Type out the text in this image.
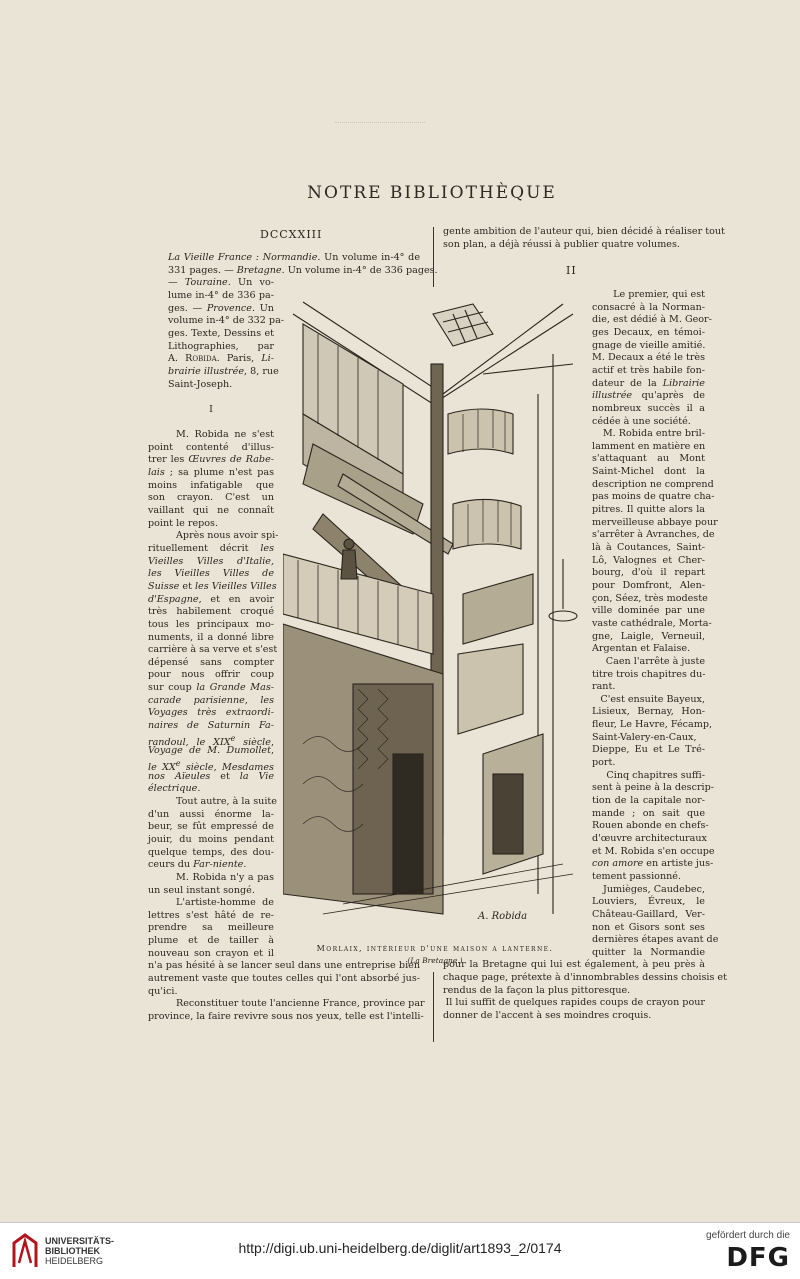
NOTRE BIBLIOTHÈQUE
DCCXXIII
La Vieille France : Normandie. Un volume in-4° de
331 pages. — Bretagne. Un volume in-4° de 336 pages.
— Touraine. Un vo-
lume in-4° de 336 pa-
ges. — Provence. Un
volume in-4° de 332 pa-
ges. Texte, Dessins et
Lithographies, par
A. Robida. Paris, Li-
brairie illustrée, 8, rue
Saint-Joseph.
I
M. Robida ne s'est
point contenté d'illus-
trer les Œuvres de Rabe-
lais ; sa plume n'est pas
moins infatigable que
son crayon. C'est un
vaillant qui ne connaît
point le repos.
Après nous avoir spi-
rituellement décrit les
Vieilles Villes d'Italie,
les Vieilles Villes de
Suisse et les Vieilles Villes
d'Espagne, et en avoir
très habilement croqué
tous les principaux mo-
numents, il a donné libre
carrière à sa verve et s'est
dépensé sans compter
pour nous offrir coup
sur coup la Grande Mas-
carade parisienne, les
Voyages très extraordi-
naires de Saturnin Fa-
randoul, le XIXe siècle,
Voyage de M. Dumollet,
le XXe siècle, Mesdames
nos Aïeules et la Vie
électrique.
Tout autre, à la suite
d'un aussi énorme la-
beur, se fût empressé de
jouir, du moins pendant
quelque temps, des dou-
ceurs du Far-niente.
M. Robida n'y a pas
un seul instant songé.
L'artiste-homme de
lettres s'est hâté de re-
prendre sa meilleure
plume et de tailler à
nouveau son crayon et il
n'a pas hésité à se lancer seul dans une entreprise bien
autrement vaste que toutes celles qui l'ont absorbé jus-
qu'ici.
Reconstituer toute l'ancienne France, province par
province, la faire revivre sous nos yeux, telle est l'intelli-
gente ambition de l'auteur qui, bien décidé à réaliser tout
son plan, a déjà réussi à publier quatre volumes.
II
Le premier, qui est
consacré à la Norman-
die, est dédié à M. Geor-
ges Decaux, en témoi-
gnage de vieille amitié.
M. Decaux a été le très
actif et très habile fon-
dateur de la Librairie
illustrée qu'après de
nombreux succès il a
cédée à une société.
M. Robida entre bril-
lamment en matière en
s'attaquant au Mont
Saint-Michel dont la
description ne comprend
pas moins de quatre cha-
pitres. Il quitte alors la
merveilleuse abbaye pour
s'arrêter à Avranches, de
là à Coutances, Saint-
Lô, Valognes et Cher-
bourg, d'où il repart
pour Domfront, Alen-
çon, Séez, très modeste
ville dominée par une
vaste cathédrale, Morta-
gne, Laigle, Verneuil,
Argentan et Falaise.
Caen l'arrête à juste
titre trois chapitres du-
rant.
C'est ensuite Bayeux,
Lisieux, Bernay, Hon-
fleur, Le Havre, Fécamp,
Saint-Valery-en-Caux,
Dieppe, Eu et Le Tré-
port.
Cinq chapitres suffi-
sent à peine à la descrip-
tion de la capitale nor-
mande ; on sait que
Rouen abonde en chefs-
d'œuvre architecturaux
et M. Robida s'en occupe
con amore en artiste jus-
tement passionné.
Jumièges, Caudebec,
Louviers, Évreux, le
Château-Gaillard, Ver-
non et Gisors sont ses
dernières étapes avant de
quitter la Normandie
pour la Bretagne qui lui est également, à peu près à
chaque page, prétexte à d'innombrables dessins choisis et
rendus de la façon la plus pittoresque.
Il lui suffit de quelques rapides coups de crayon pour
donner de l'accent à ses moindres croquis.
A. Robida
Morlaix, intérieur d'une maison a lanterne.
(La Bretagne.)
UNIVERSITÄTS-
BIBLIOTHEK
HEIDELBERG
http://digi.ub.uni-heidelberg.de/diglit/art1893_2/0174
gefördert durch die
DFG
